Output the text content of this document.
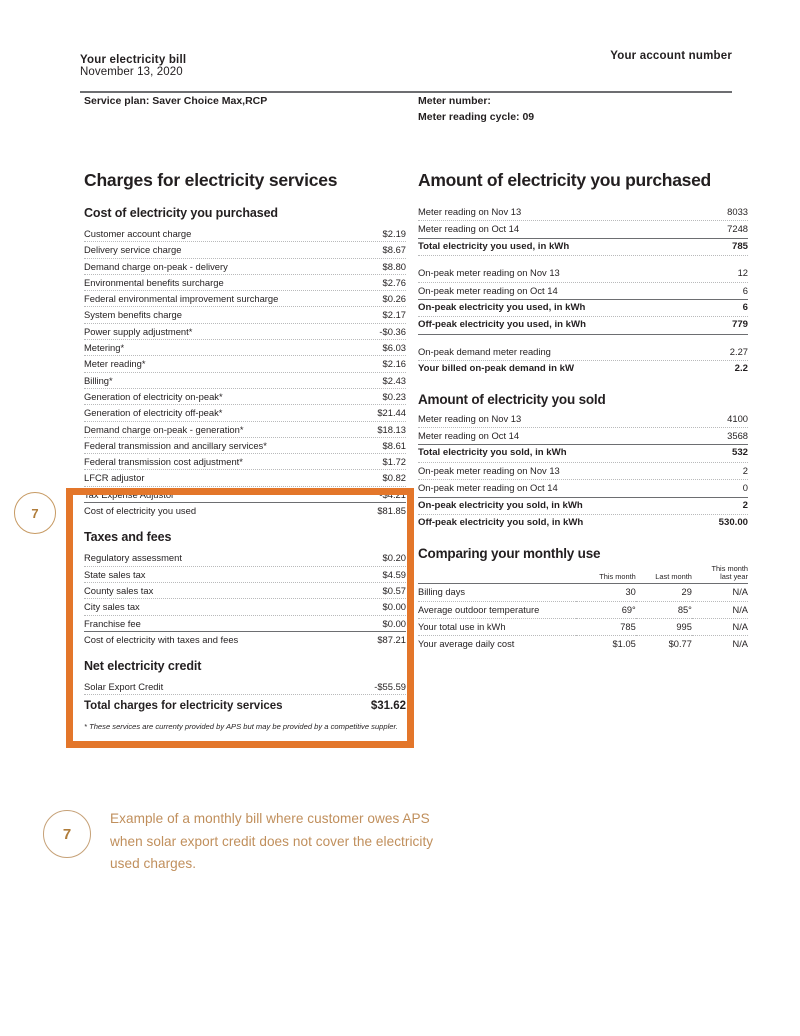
Your electricity bill	Your account number
November 13, 2020
Service plan: Saver Choice Max,RCP	Meter number:
Meter reading cycle: 09
Charges for electricity services
Cost of electricity you purchased
Customer account charge	$2.19
Delivery service charge	$8.67
Demand charge on-peak - delivery	$8.80
Environmental benefits surcharge	$2.76
Federal environmental improvement surcharge	$0.26
System benefits charge	$2.17
Power supply adjustment*	-$0.36
Metering*	$6.03
Meter reading*	$2.16
Billing*	$2.43
Generation of electricity on-peak*	$0.23
Generation of electricity off-peak*	$21.44
Demand charge on-peak - generation*	$18.13
Federal transmission and ancillary services*	$8.61
Federal transmission cost adjustment*	$1.72
LFCR adjustor	$0.82
Tax Expense Adjustor	-$4.21
Cost of electricity you used	$81.85
Taxes and fees
Regulatory assessment	$0.20
State sales tax	$4.59
County sales tax	$0.57
City sales tax	$0.00
Franchise fee	$0.00
Cost of electricity with taxes and fees	$87.21
Net electricity credit
Solar Export Credit	-$55.59
Total charges for electricity services	$31.62
* These services are currenty provided by APS but may be provided by a competitive suppler.
Amount of electricity you purchased
Meter reading on Nov 13	8033
Meter reading on Oct 14	7248
Total electricity you used, in kWh	785
On-peak meter reading on Nov 13	12
On-peak meter reading on Oct 14	6
On-peak electricity you used, in kWh	6
Off-peak electricity you used, in kWh	779
On-peak demand meter reading	2.27
Your billed on-peak demand in kW	2.2
Amount of electricity you sold
Meter reading on Nov 13	4100
Meter reading on Oct 14	3568
Total electricity you sold, in kWh	532
On-peak meter reading on Nov 13	2
On-peak meter reading on Oct 14	0
On-peak electricity you sold, in kWh	2
Off-peak electricity you sold, in kWh	530.00
Comparing your monthly use
	This month	Last month	This month
last year
Billing days	30	29	N/A
Average outdoor temperature	69°	85°	N/A
Your total use in kWh	785	995	N/A
Your average daily cost	$1.05	$0.77	N/A
7
7
Example of a monthly bill where customer owes APS when solar export credit does not cover the electricity used charges.
